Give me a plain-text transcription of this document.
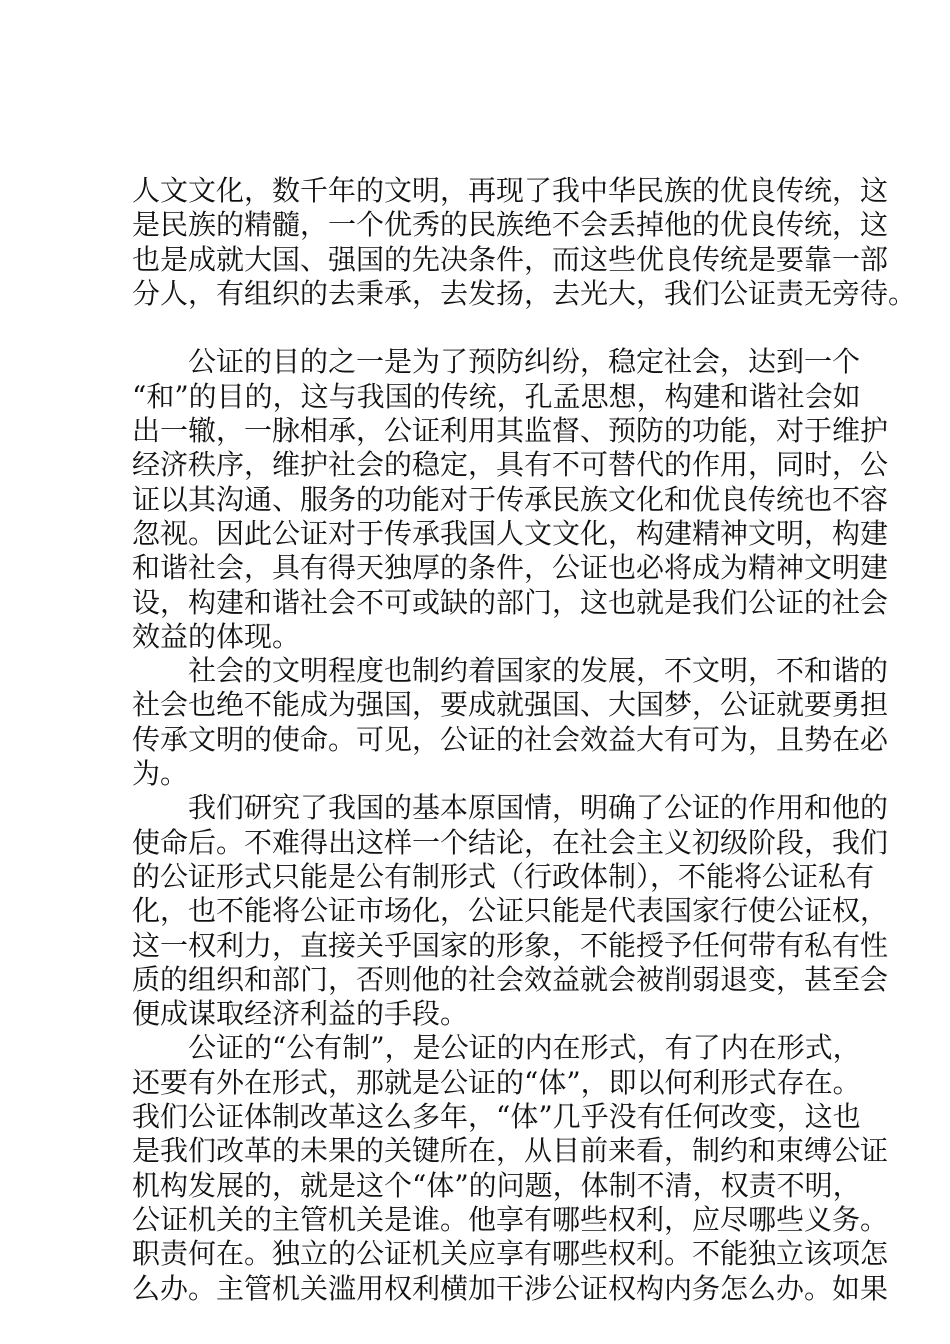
人文文化，数千年的文明，再现了我中华民族的优良传统，这
是民族的精髓，一个优秀的民族绝不会丢掉他的优良传统，这
也是成就大国、强国的先决条件，而这些优良传统是要靠一部
分人，有组织的去秉承，去发扬，去光大，我们公证责无旁待。
　　公证的目的之一是为了预防纠纷，稳定社会，达到一个
“和”的目的，这与我国的传统，孔孟思想，构建和谐社会如
出一辙，一脉相承，公证利用其监督、预防的功能，对于维护
经济秩序，维护社会的稳定，具有不可替代的作用，同时，公
证以其沟通、服务的功能对于传承民族文化和优良传统也不容
忽视。因此公证对于传承我国人文文化，构建精神文明，构建
和谐社会，具有得天独厚的条件，公证也必将成为精神文明建
设，构建和谐社会不可或缺的部门，这也就是我们公证的社会
效益的体现。
　　社会的文明程度也制约着国家的发展，不文明，不和谐的
社会也绝不能成为强国，要成就强国、大国梦，公证就要勇担
传承文明的使命。可见，公证的社会效益大有可为，且势在必
为。
　　我们研究了我国的基本原国情，明确了公证的作用和他的
使命后。不难得出这样一个结论，在社会主义初级阶段，我们
的公证形式只能是公有制形式（行政体制），不能将公证私有
化，也不能将公证市场化，公证只能是代表国家行使公证权，
这一权利力，直接关乎国家的形象，不能授予任何带有私有性
质的组织和部门，否则他的社会效益就会被削弱退变，甚至会
便成谋取经济利益的手段。
　　公证的“公有制”，是公证的内在形式，有了内在形式，
还要有外在形式，那就是公证的“体”，即以何利形式存在。
我们公证体制改革这么多年，“体”几乎没有任何改变，这也
是我们改革的未果的关键所在，从目前来看，制约和束缚公证
机构发展的，就是这个“体”的问题，体制不清，权责不明，
公证机关的主管机关是谁。他享有哪些权利，应尽哪些义务。
职责何在。独立的公证机关应享有哪些权利。不能独立该项怎
么办。主管机关滥用权利横加干涉公证权构内务怎么办。如果
